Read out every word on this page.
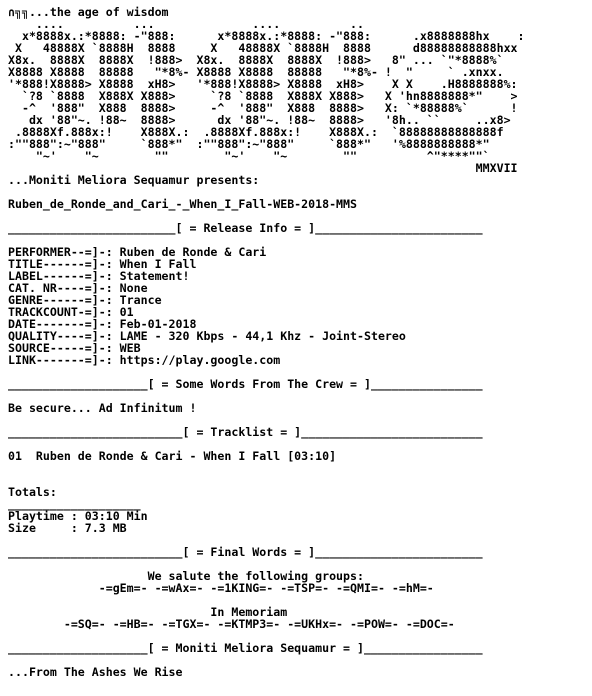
∩╗╗...the age of wisdom
....          ...              ....          ..
x*8888x.:*8888: -"888:      x*8888x.:*8888: -"888:      .x8888888hx    :
X   48888X `8888H  8888     X   48888X `8888H  8888      d88888888888hxx
X8x.  8888X  8888X  !888>  X8x.  8888X  8888X  !888>   8" ... `"*8888%`
X8888 X8888  88888   "*8%- X8888 X8888  88888   "*8%- !  "     ` .xnxx.
'*888!X8888> X8888  xH8>   '*888!X8888> X8888  xH8>    X X    .H8888888%:
`?8 `8888  X888X X888>     `?8 `8888  X888X X888>   X 'hn8888888*"    >
-^  '888"  X888  8888>     -^  '888"  X888  8888>   X: `*88888%`      !
dx '88"~. !88~  8888>      dx '88"~. !88~  8888>   '8h.. ``     ..x8>
.8888Xf.888x:!    X888X.:  .8888Xf.888x:!    X888X.:  `88888888888888f
:""888":~"888"     `888*"  :""888":~"888"     `888*"   '%8888888888*"
"~'    "~        ""        "~'    "~        ""          ^"****""`
MMXVII
...Moniti Meliora Sequamur presents:
Ruben_de_Ronde_and_Cari_-_When_I_Fall-WEB-2018-MMS
________________________[ = Release Info = ]________________________
PERFORMER--=]-: Ruben de Ronde & Cari
TITLE------=]-: When I Fall
LABEL------=]-: Statement!
CAT. NR----=]-: None
GENRE------=]-: Trance
TRACKCOUNT-=]-: 01
DATE-------=]-: Feb-01-2018
QUALITY----=]-: LAME - 320 Kbps - 44,1 Khz - Joint-Stereo
SOURCE-----=]-: WEB
LINK-------=]-: https://play.google.com
____________________[ = Some Words From The Crew = ]________________
Be secure... Ad Infinitum !
_________________________[ = Tracklist = ]__________________________
01  Ruben de Ronde & Cari - When I Fall [03:10]
Totals:
___________________
Playtime : 03:10 Min
Size     : 7.3 MB
_________________________[ = Final Words = ]________________________
We salute the following groups:
-=gEm=- -=wAx=- -=1KING=- -=TSP=- -=QMI=- -=hM=-
In Memoriam
-=SQ=- -=HB=- -=TGX=- -=KTMP3=- -=UKHx=- -=POW=- -=DOC=-
____________________[ = Moniti Meliora Sequamur = ]_________________
...From The Ashes We Rise
